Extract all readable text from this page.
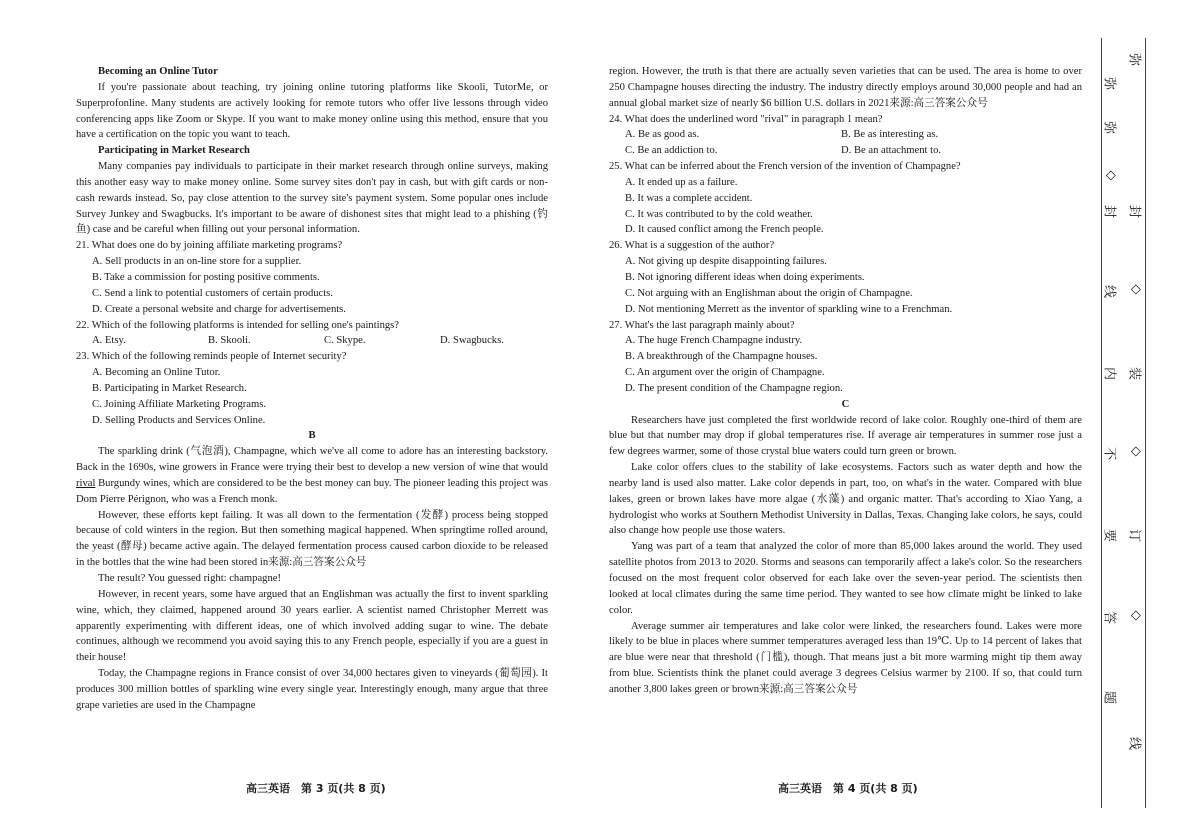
Becoming an Online Tutor

If you're passionate about teaching, try joining online tutoring platforms like Skooli, TutorMe, or Superprofonline. Many students are actively looking for remote tutors who offer live lessons through video conferencing apps like Zoom or Skype. If you want to make money online using this method, ensure that you have a certification on the topic you want to teach.

Participating in Market Research

Many companies pay individuals to participate in their market research through online surveys, making this another easy way to make money online. Some survey sites don't pay in cash, but with gift cards or non-cash rewards instead. So, pay close attention to the survey site's payment system. Some popular ones include Survey Junkey and Swagbucks. It's important to be aware of dishonest sites that might lead to a phishing (钓鱼) case and be careful when filling out your personal information.

21. What does one do by joining affiliate marketing programs?

A. Sell products in an on-line store for a supplier.

B. Take a commission for posting positive comments.

C. Send a link to potential customers of certain products.

D. Create a personal website and charge for advertisements.

22. Which of the following platforms is intended for selling one's paintings?

A. Etsy.	B. Skooli.	C. Skype.	D. Swagbucks.

23. Which of the following reminds people of Internet security?

A. Becoming an Online Tutor.

B. Participating in Market Research.

C. Joining Affiliate Marketing Programs.

D. Selling Products and Services Online.

B

The sparkling drink (气泡酒), Champagne, which we've all come to adore has an interesting backstory. Back in the 1690s, wine growers in France were trying their best to develop a new version of wine that would rival Burgundy wines, which are considered to be the best money can buy. The pioneer leading this project was Dom Pierre Pérignon, who was a French monk.

However, these efforts kept failing. It was all down to the fermentation (发酵) process being stopped because of cold winters in the region. But then something magical happened. When springtime rolled around, the yeast (酵母) became active again. The delayed fermentation process caused carbon dioxide to be released in the bottles that the wine had been stored in来源:高三答案公众号

The result? You guessed right: champagne!

However, in recent years, some have argued that an Englishman was actually the first to invent sparkling wine, which, they claimed, happened around 30 years earlier. A scientist named Christopher Merrett was apparently experimenting with different ideas, one of which involved adding sugar to wine. The debate continues, although we recommend you avoid saying this to any French people, especially if you are a guest in their house!

Today, the Champagne regions in France consist of over 34,000 hectares given to vineyards (葡萄园). It produces 300 million bottles of sparkling wine every single year. Interestingly enough, many argue that three grape varieties are used in the Champagne

region. However, the truth is that there are actually seven varieties that can be used. The area is home to over 250 Champagne houses directing the industry. The industry directly employs around 30,000 people and had an annual global market size of nearly $6 billion U.S. dollars in 2021来源:高三答案公众号

24. What does the underlined word "rival" in paragraph 1 mean?

A. Be as good as.	B. Be as interesting as.
C. Be an addiction to.	D. Be an attachment to.

25. What can be inferred about the French version of the invention of Champagne?

A. It ended up as a failure.

B. It was a complete accident.

C. It was contributed to by the cold weather.

D. It caused conflict among the French people.

26. What is a suggestion of the author?

A. Not giving up despite disappointing failures.

B. Not ignoring different ideas when doing experiments.

C. Not arguing with an Englishman about the origin of Champagne.

D. Not mentioning Merrett as the inventor of sparkling wine to a Frenchman.

27. What's the last paragraph mainly about?

A. The huge French Champagne industry.

B. A breakthrough of the Champagne houses.

C. An argument over the origin of Champagne.

D. The present condition of the Champagne region.

C

Researchers have just completed the first worldwide record of lake color. Roughly one-third of them are blue but that number may drop if global temperatures rise. If average air temperatures in summer rose just a few degrees warmer, some of those crystal blue waters could turn green or brown.

Lake color offers clues to the stability of lake ecosystems. Factors such as water depth and how the nearby land is used also matter. Lake color depends in part, too, on what's in the water. Compared with blue lakes, green or brown lakes have more algae (水藻) and organic matter. That's according to Xiao Yang, a hydrologist who works at Southern Methodist University in Dallas, Texas. Changing lake colors, he says, could also change how people use those waters.

Yang was part of a team that analyzed the color of more than 85,000 lakes around the world. They used satellite photos from 2013 to 2020. Storms and seasons can temporarily affect a lake's color. So the researchers focused on the most frequent color observed for each lake over the seven-year period. The scientists then looked at local climates during the same time period. They wanted to see how climate might be linked to lake color.

Average summer air temperatures and lake color were linked, the researchers found. Lakes were more likely to be blue in places where summer temperatures averaged less than 19℃. Up to 14 percent of lakes that are blue were near that threshold (门槛), though. That means just a bit more warming might tip them away from blue. Scientists think the planet could average 3 degrees Celsius warmer by 2100. If so, that could turn another 3,800 lakes green or brown来源:高三答案公众号

高三英语　第 3 页(共 8 页)	高三英语　第 4 页(共 8 页)
弥
弥
◇
封
线
内
不
要
答
题
弥
封
◇
装
◇
订
◇
线
